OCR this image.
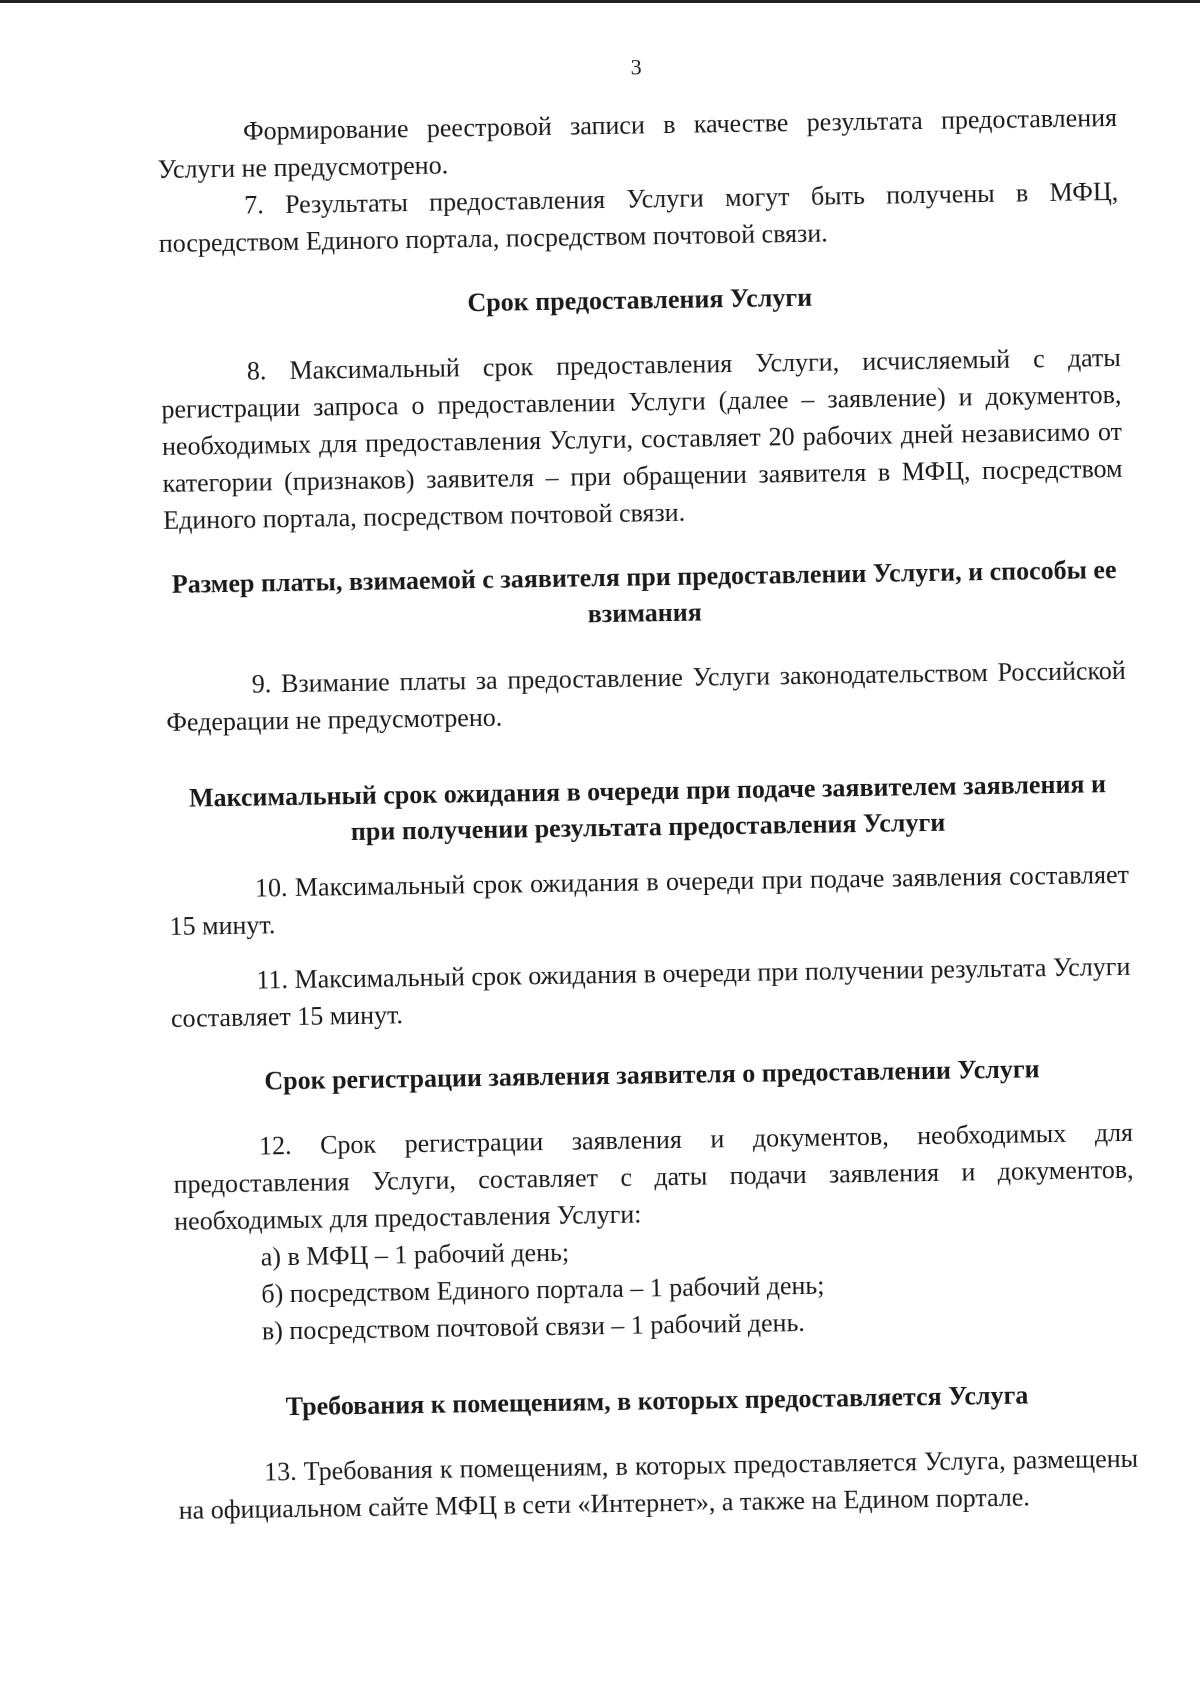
3

Формирование реестровой записи в качестве результата предоставления Услуги не предусмотрено.

7. Результаты предоставления Услуги могут быть получены в МФЦ, посредством Единого портала, посредством почтовой связи.

Срок предоставления Услуги

8. Максимальный срок предоставления Услуги, исчисляемый с даты регистрации запроса о предоставлении Услуги (далее – заявление) и документов, необходимых для предоставления Услуги, составляет 20 рабочих дней независимо от категории (признаков) заявителя – при обращении заявителя в МФЦ, посредством Единого портала, посредством почтовой связи.

Размер платы, взимаемой с заявителя при предоставлении Услуги, и способы ее взимания

9. Взимание платы за предоставление Услуги законодательством Российской Федерации не предусмотрено.

Максимальный срок ожидания в очереди при подаче заявителем заявления и при получении результата предоставления Услуги

10. Максимальный срок ожидания в очереди при подаче заявления составляет 15 минут.

11. Максимальный срок ожидания в очереди при получении результата Услуги составляет 15 минут.

Срок регистрации заявления заявителя о предоставлении Услуги

12. Срок регистрации заявления и документов, необходимых для предоставления Услуги, составляет с даты подачи заявления и документов, необходимых для предоставления Услуги:

а) в МФЦ – 1 рабочий день;

б) посредством Единого портала – 1 рабочий день;

в) посредством почтовой связи – 1 рабочий день.

Требования к помещениям, в которых предоставляется Услуга

13. Требования к помещениям, в которых предоставляется Услуга, размещены на официальном сайте МФЦ в сети «Интернет», а также на Едином портале.
